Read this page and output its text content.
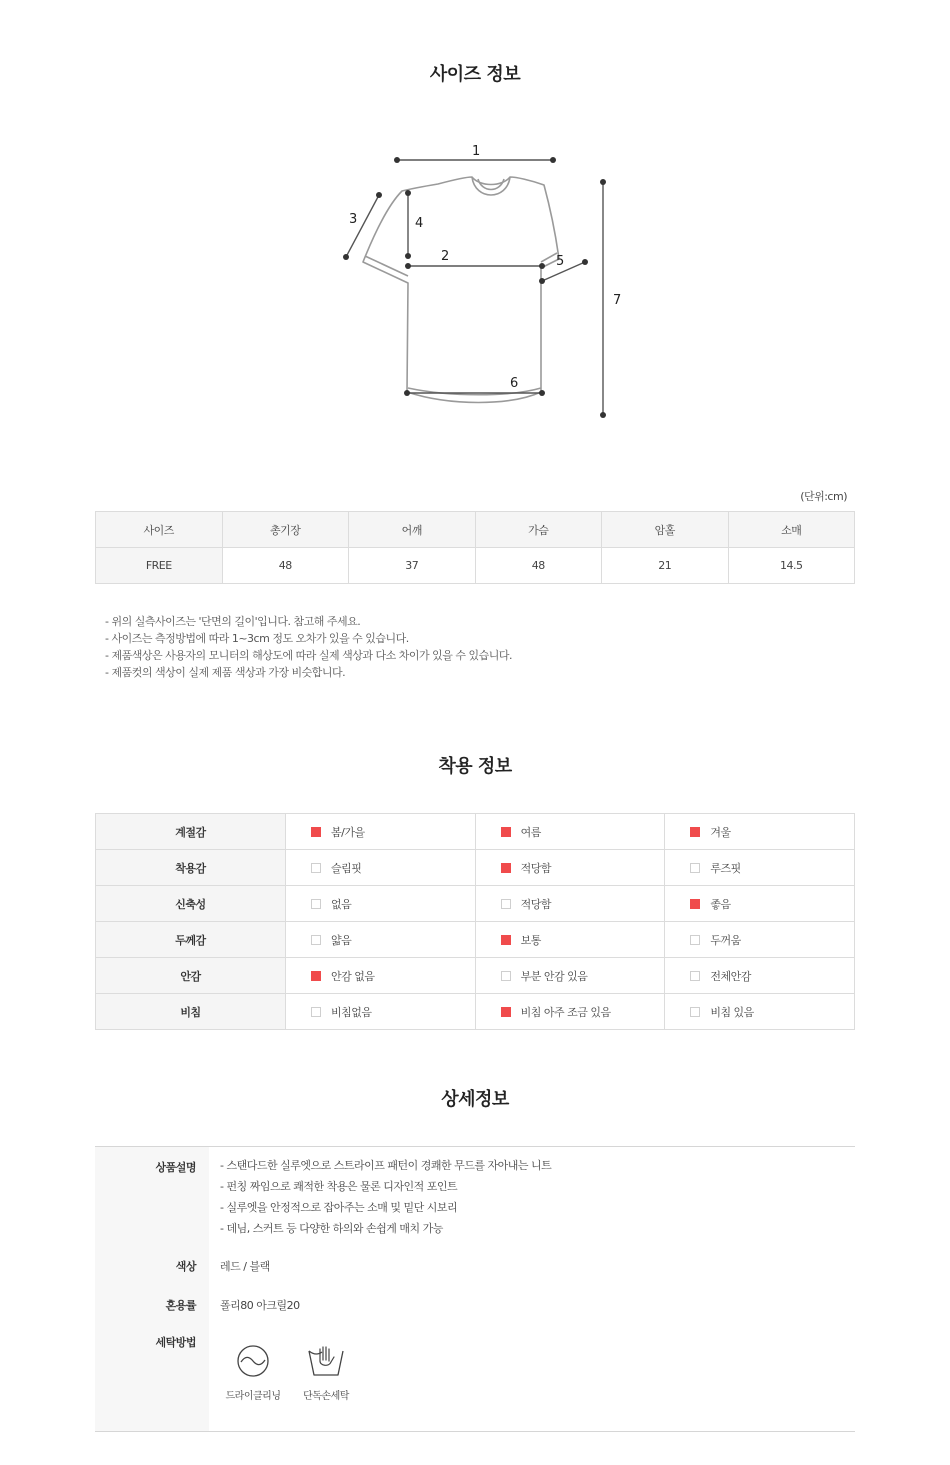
사이즈 정보
1
2
3	4
5
6
7
(단위:cm)
사이즈	총기장	어깨	가슴	암홀	소매
FREE	48	37	48	21	14.5
- 위의 실측사이즈는 '단면의 길이'입니다. 참고해 주세요.
- 사이즈는 측정방법에 따라 1~3cm 정도 오차가 있을 수 있습니다.
- 제품색상은 사용자의 모니터의 해상도에 따라 실제 색상과 다소 차이가 있을 수 있습니다.
- 제품컷의 색상이 실제 제품 색상과 가장 비슷합니다.
착용 정보
계절감	봄/가을	여름	겨울
착용감	슬림핏	적당함	루즈핏
신축성	없음	적당함	좋음
두께감	얇음	보통	두꺼움
안감	안감 없음	부분 안감 있음	전체안감
비침	비침없음	비침 아주 조금 있음	비침 있음
상세정보
상품설명 - 스탠다드한 실루엣으로 스트라이프 패턴이 경쾌한 무드를 자아내는 니트
- 펀칭 짜임으로 쾌적한 착용은 물론 디자인적 포인트
- 실루엣을 안정적으로 잡아주는 소매 및 밑단 시보리
- 데님, 스커트 등 다양한 하의와 손쉽게 매치 가능
색상 레드 / 블랙
혼용률 폴리80 아크릴20
세탁방법
드라이클리닝	단독손세탁
